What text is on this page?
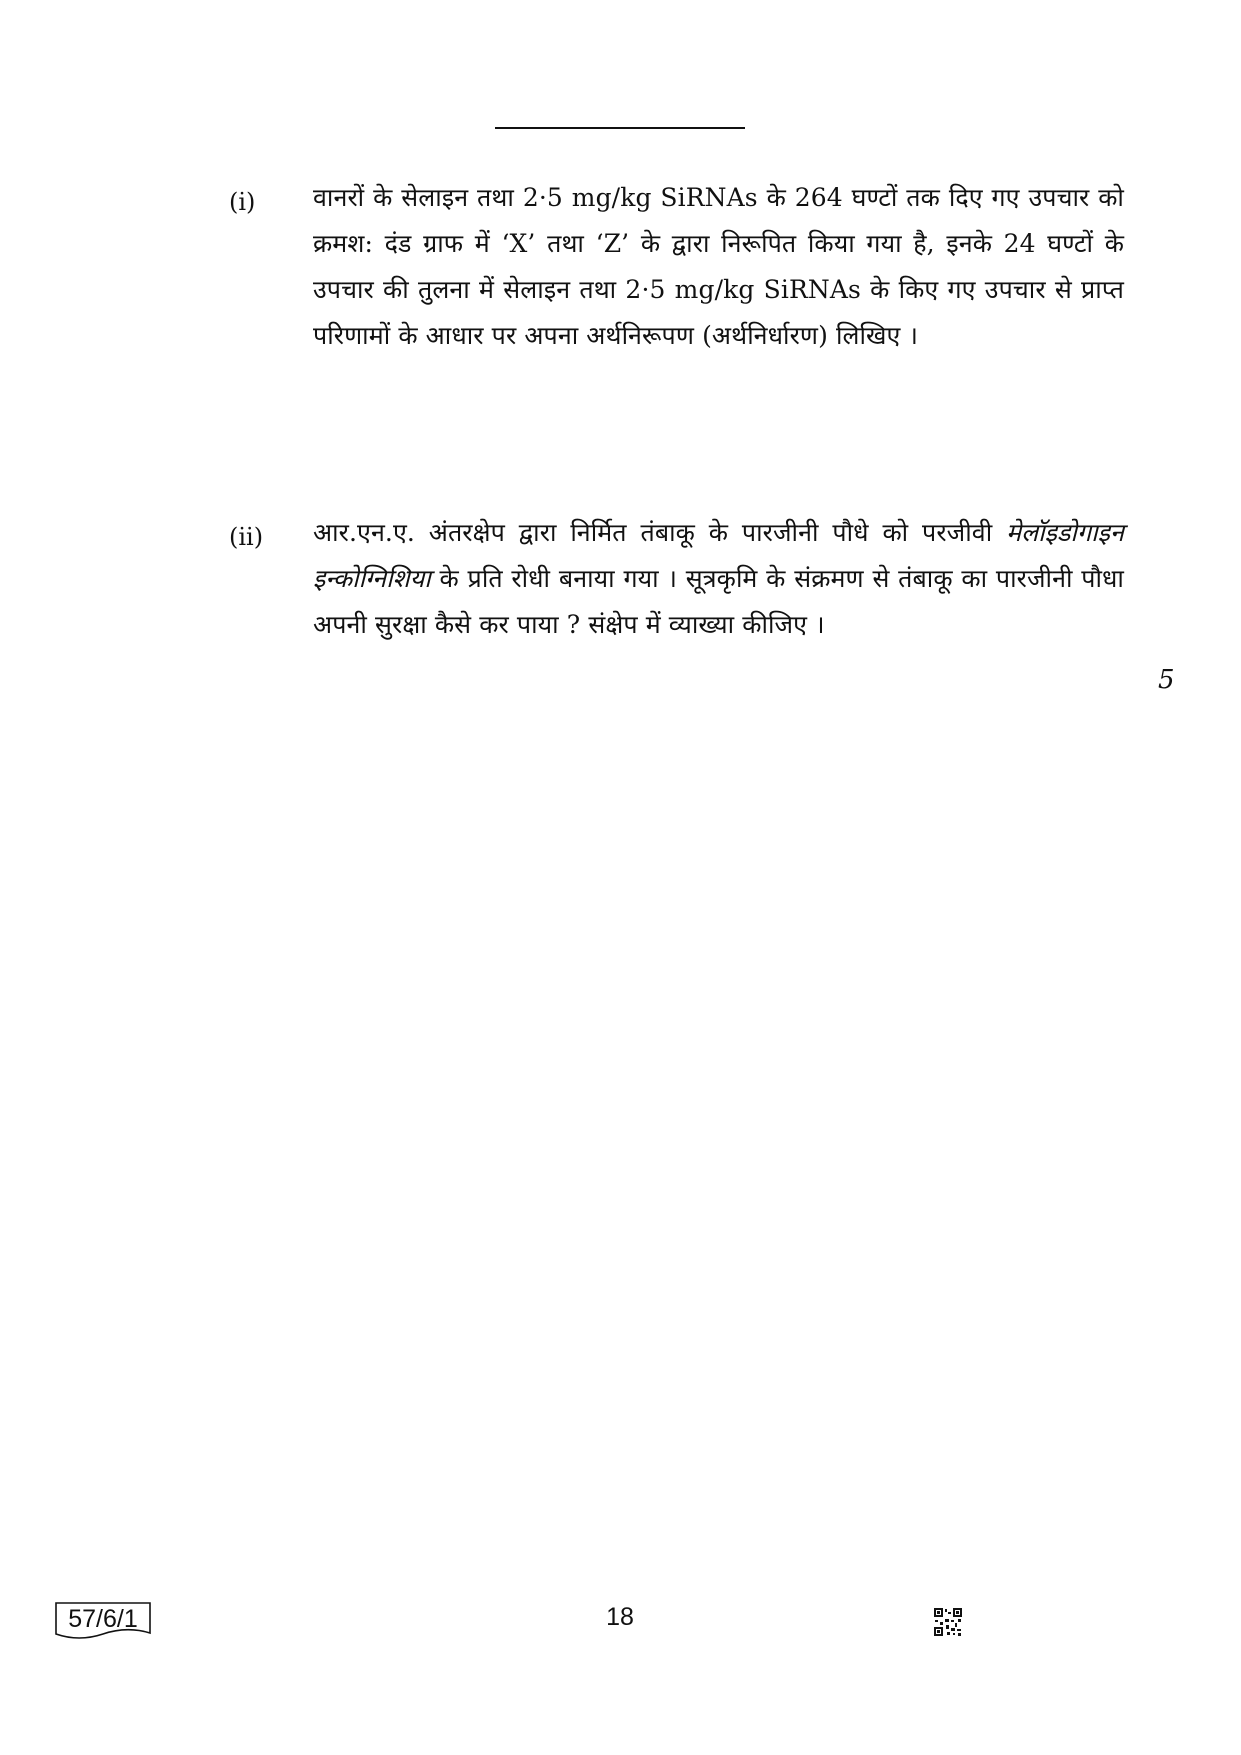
(i)	वानरों के सेलाइन तथा 2·5 mg/kg SiRNAs के 264 घण्टों तक दिए गए उपचार को क्रमश: दंड ग्राफ में ‘X’ तथा ‘Z’ के द्वारा निरूपित किया गया है, इनके 24 घण्टों के उपचार की तुलना में सेलाइन तथा 2·5 mg/kg SiRNAs के किए गए उपचार से प्राप्त परिणामों के आधार पर अपना अर्थनिरूपण (अर्थनिर्धारण) लिखिए ।
(ii)	आर.एन.ए. अंतरक्षेप द्वारा निर्मित तंबाकू के पारजीनी पौधे को परजीवी मेलॉइडोगाइन इन्कोग्निशिया के प्रति रोधी बनाया गया । सूत्रकृमि के संक्रमण से तंबाकू का पारजीनी पौधा अपनी सुरक्षा कैसे कर पाया ? संक्षेप में व्याख्या कीजिए ।
5
57/6/1	18
